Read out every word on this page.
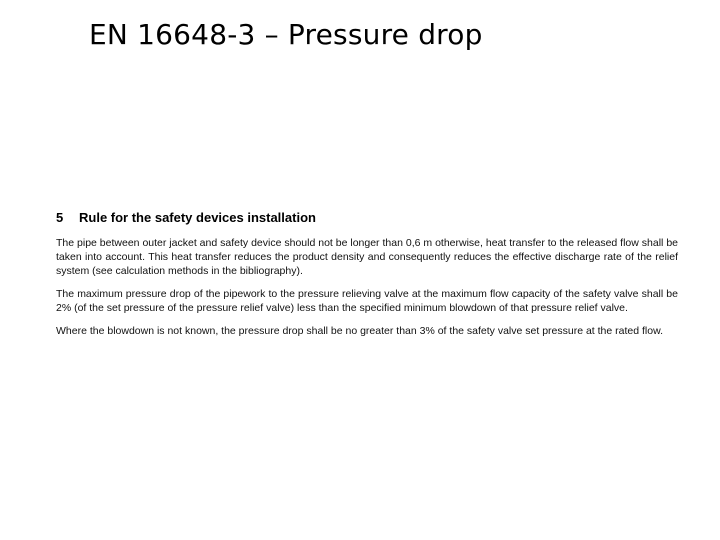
EN 16648-3 – Pressure drop
5	Rule for the safety devices installation

The pipe between outer jacket and safety device should not be longer than 0,6 m otherwise, heat transfer to the released flow shall be taken into account. This heat transfer reduces the product density and consequently reduces the effective discharge rate of the relief system (see calculation methods in the bibliography).

The maximum pressure drop of the pipework to the pressure relieving valve at the maximum flow capacity of the safety valve shall be 2% (of the set pressure of the pressure relief valve) less than the specified minimum blowdown of that pressure relief valve.

Where the blowdown is not known, the pressure drop shall be no greater than 3% of the safety valve set pressure at the rated flow.
